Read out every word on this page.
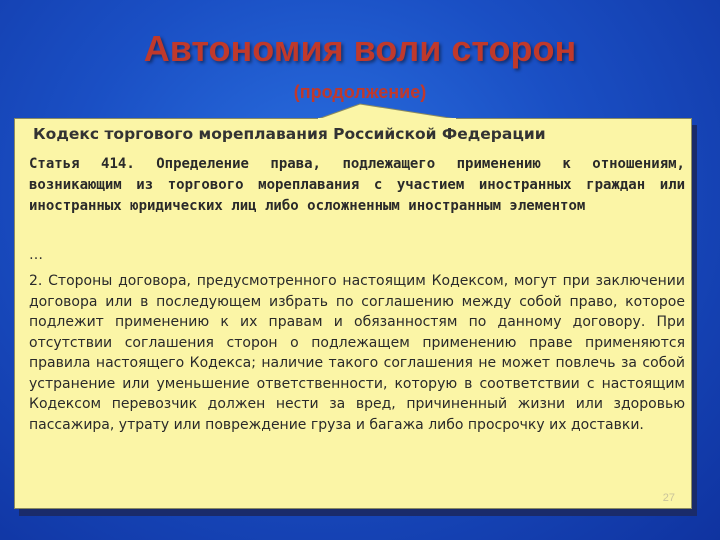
Автономия воли сторон
(продолжение)
Кодекс торгового мореплавания Российской Федерации
Статья 414. Определение права, подлежащего применению к отношениям, возникающим из торгового мореплавания с участием иностранных граждан или иностранных юридических лиц либо осложненным иностранным элементом
…
2. Стороны договора, предусмотренного настоящим Кодексом, могут при заключении договора или в последующем избрать по соглашению между собой право, которое подлежит применению к их правам и обязанностям по данному договору. При отсутствии соглашения сторон о подлежащем применению праве применяются правила настоящего Кодекса; наличие такого соглашения не может повлечь за собой устранение или уменьшение ответственности, которую в соответствии с настоящим Кодексом перевозчик должен нести за вред, причиненный жизни или здоровью пассажира, утрату или повреждение груза и багажа либо просрочку их доставки.
27
